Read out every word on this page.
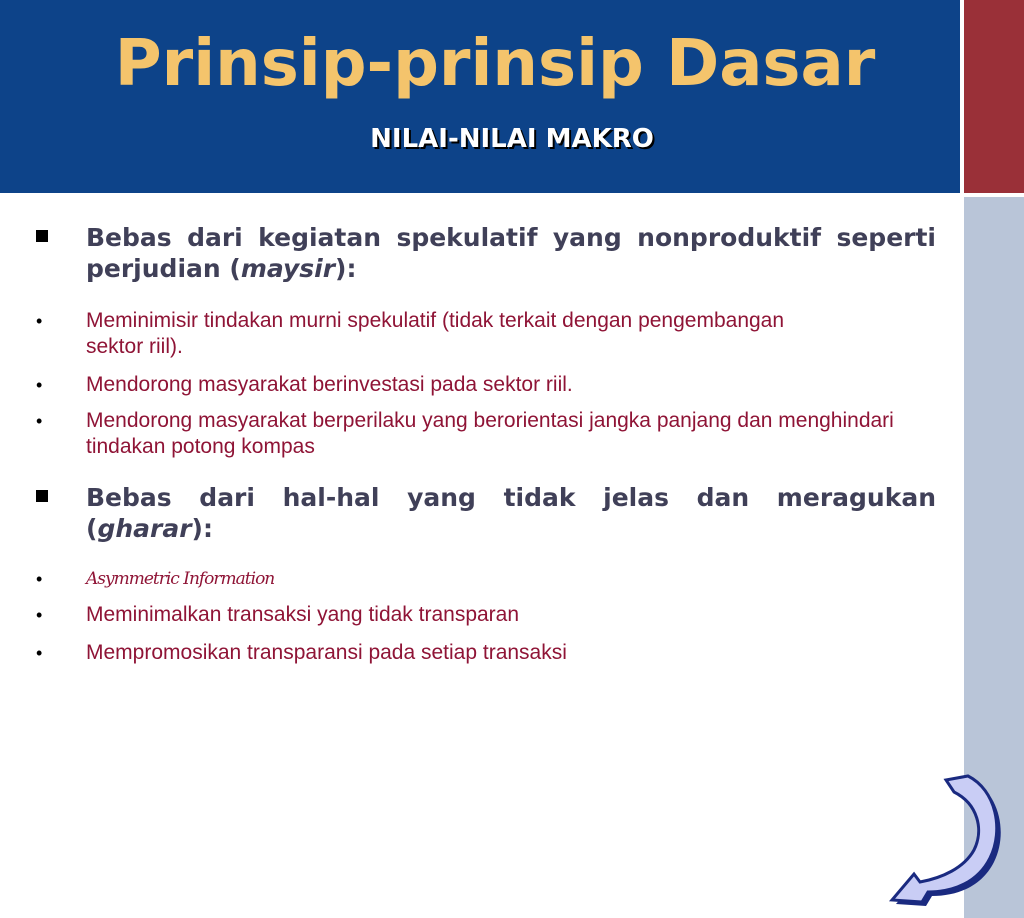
Prinsip-prinsip Dasar
NILAI-NILAI MAKRO
Bebas dari kegiatan spekulatif yang nonproduktif seperti perjudian (maysir):
• Meminimisir tindakan murni spekulatif (tidak terkait dengan pengembangan sektor riil).
• Mendorong masyarakat berinvestasi pada sektor riil.
• Mendorong masyarakat berperilaku yang berorientasi jangka panjang dan menghindari tindakan potong kompas
Bebas dari hal-hal yang tidak jelas dan meragukan (gharar):
•	Asymmetric Information
• Meminimalkan transaksi yang tidak transparan
• Mempromosikan transparansi pada setiap transaksi
